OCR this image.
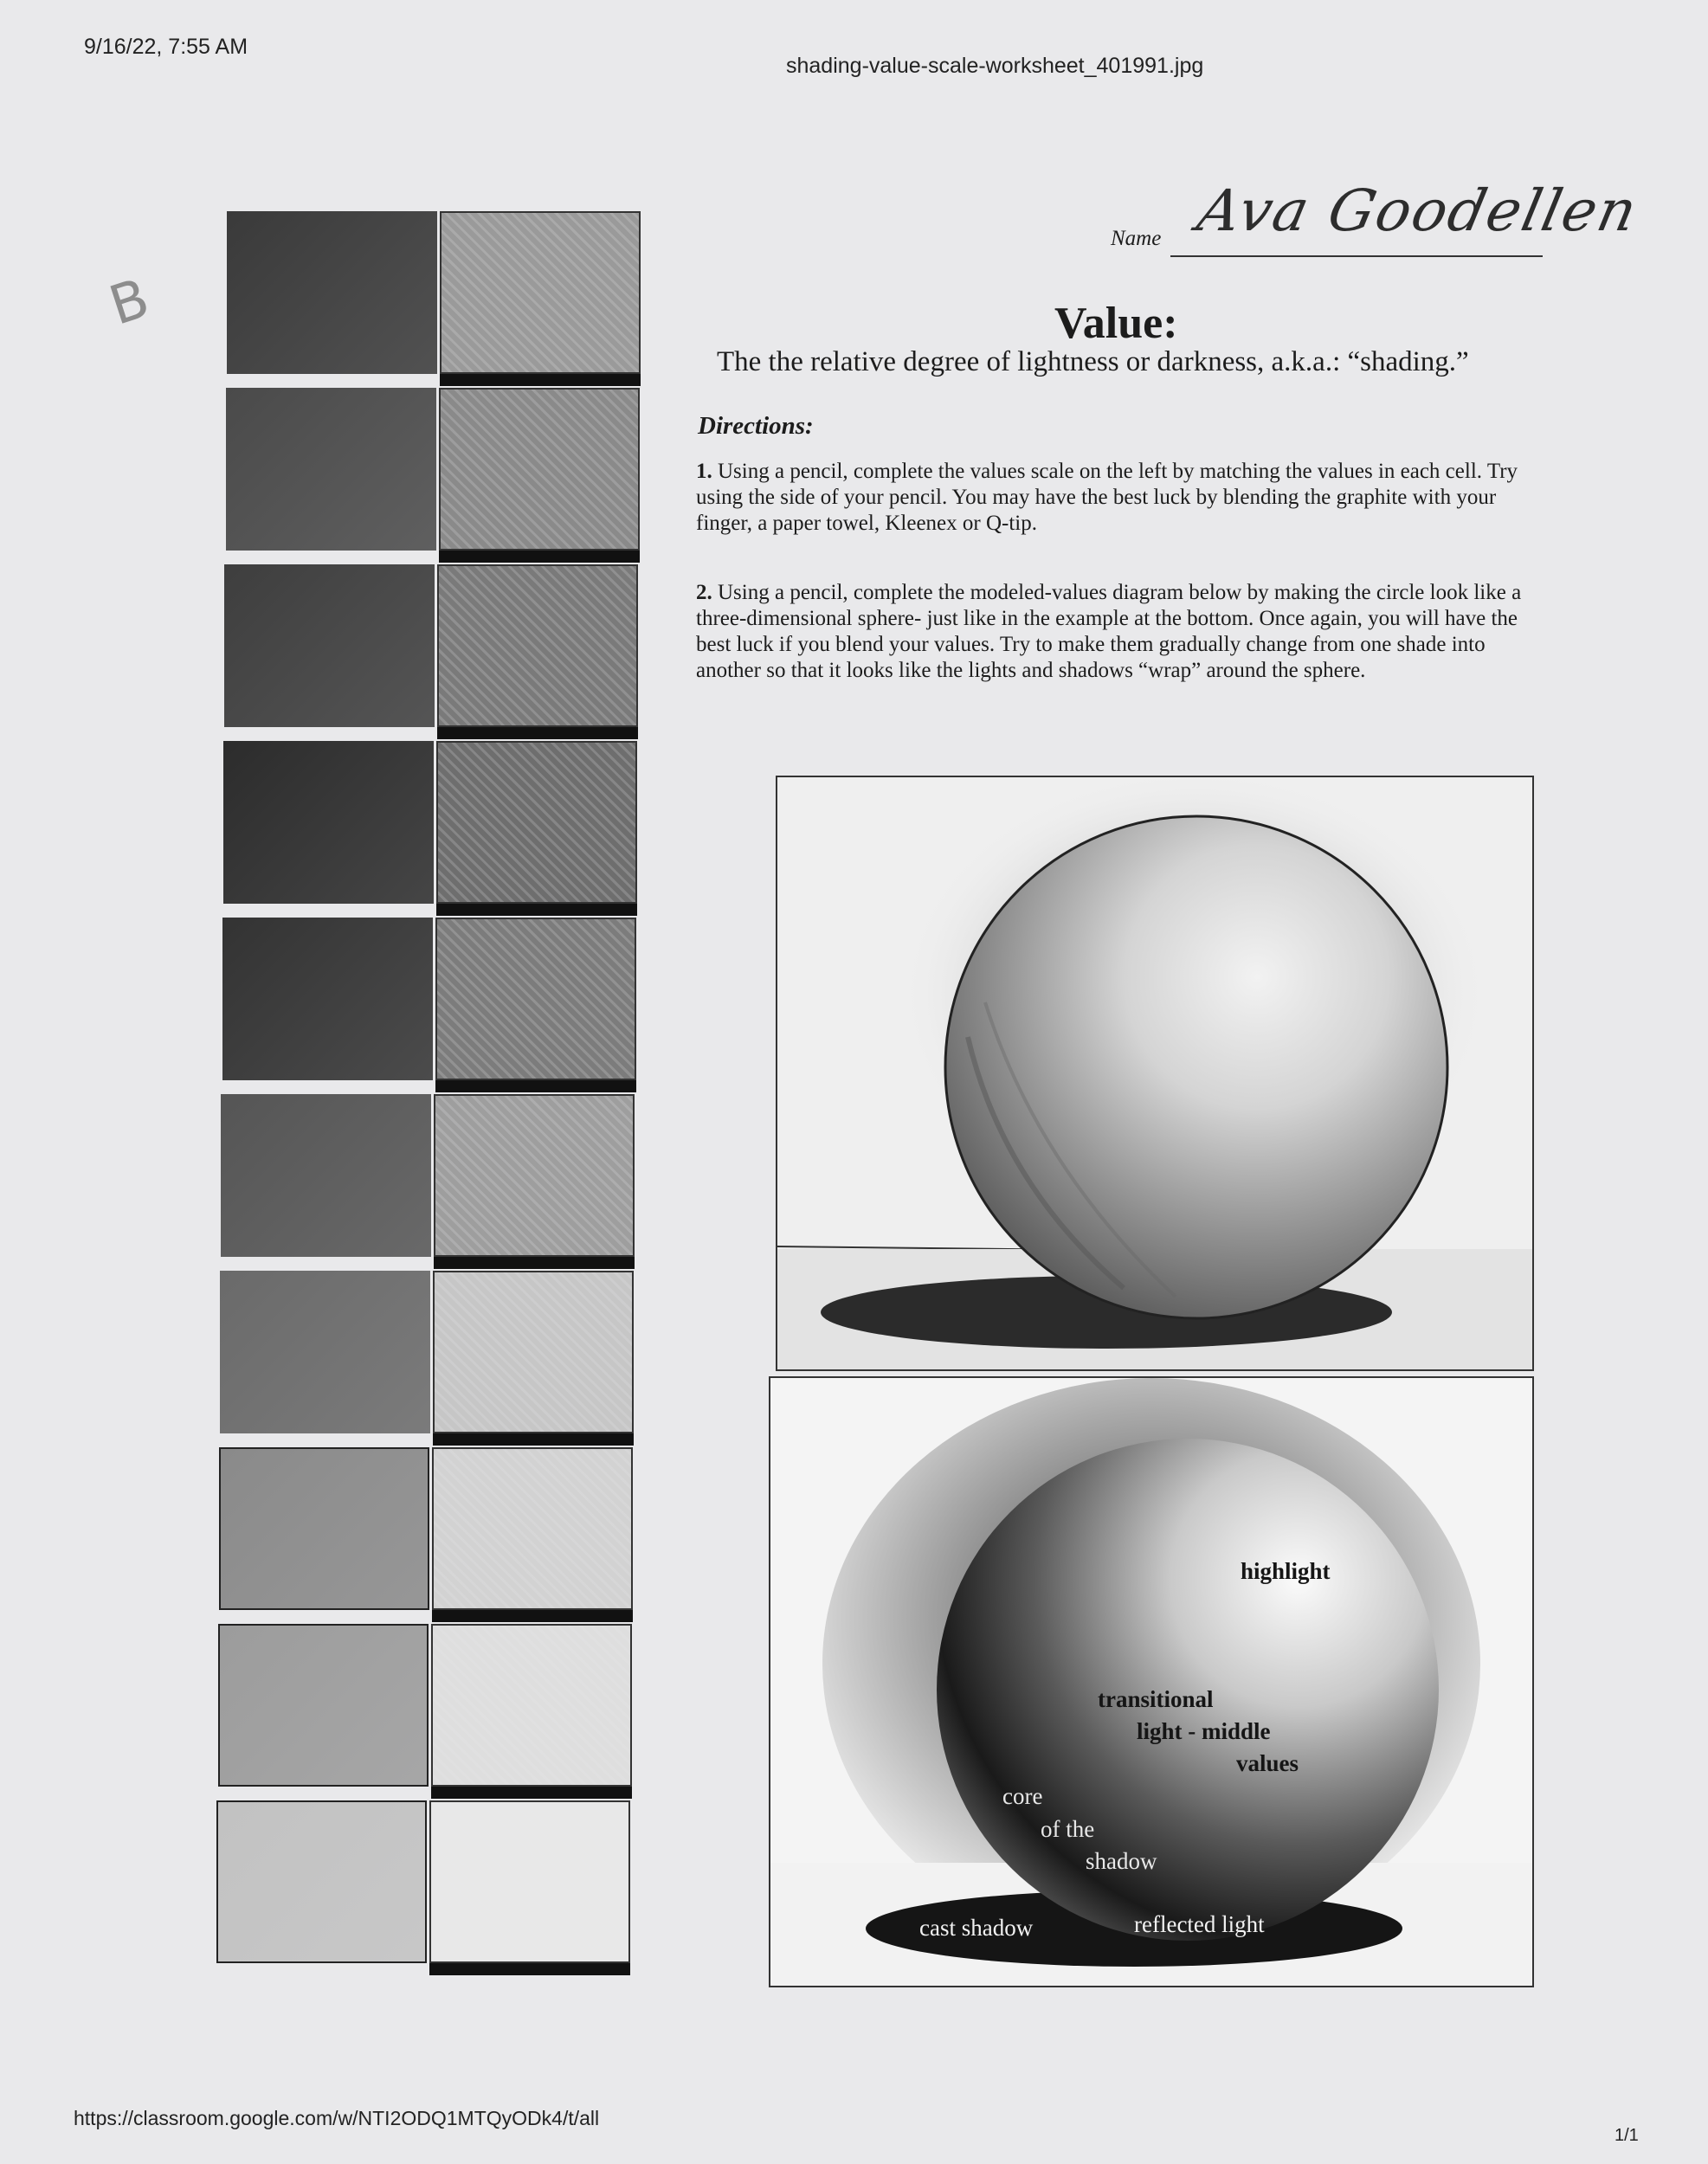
9/16/22, 7:55 AM
shading-value-scale-worksheet_401991.jpg
B
Name Ava Goodellen
Value:
The the relative degree of lightness or darkness, a.k.a.: “shading.”
Directions:

1. Using a pencil, complete the values scale on the left by matching the values in each cell. Try using the side of your pencil. You may have the best luck by blending the graphite with your finger, a paper towel, Kleenex or Q-tip.

2. Using a pencil, complete the modeled-values diagram below by making the circle look like a three-dimensional sphere- just like in the example at the bottom. Once again, you will have the best luck if you blend your values. Try to make them gradually change from one shade into another so that it looks like the lights and shadows “wrap” around the sphere.

highlight
transitional
light - middle
values
core
of the
shadow
cast shadow	reflected light
https://classroom.google.com/w/NTI2ODQ1MTQyODk4/t/all
1/1
